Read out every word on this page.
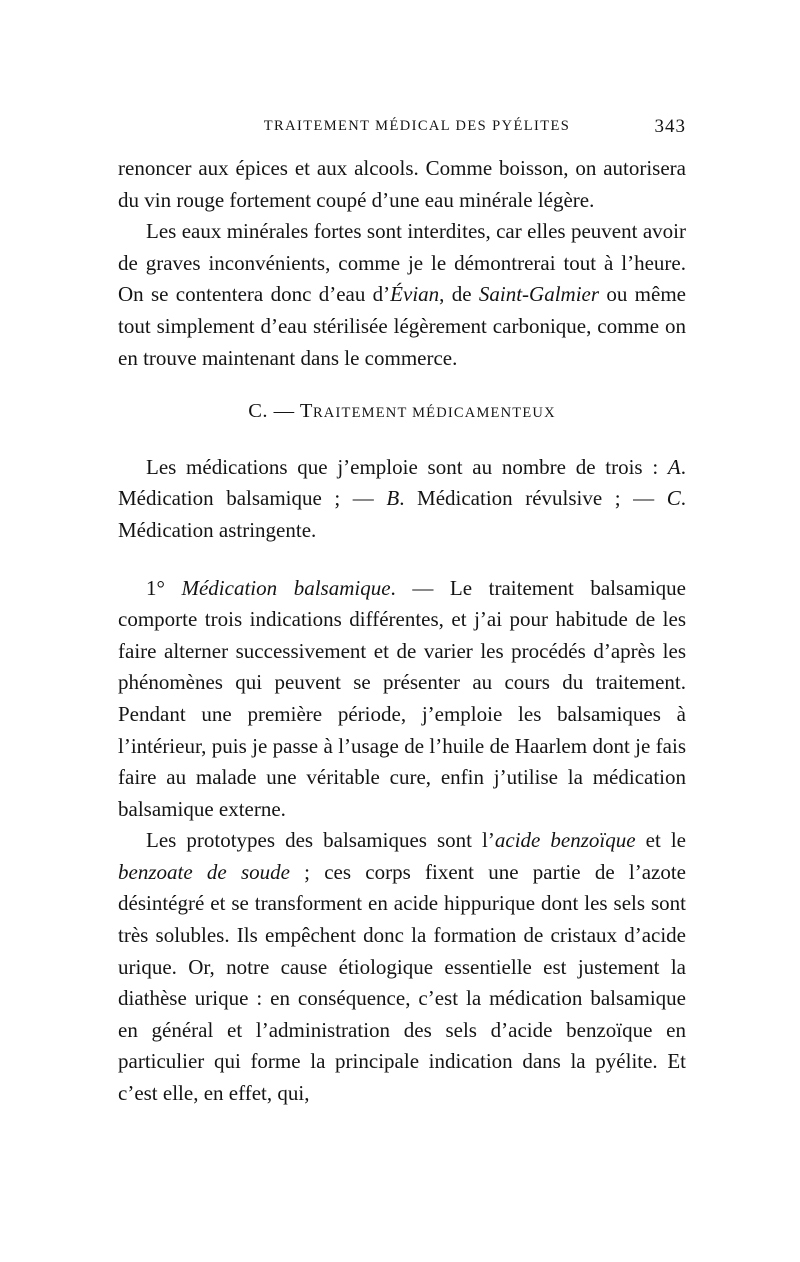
TRAITEMENT MÉDICAL DES PYÉLITES	343

renoncer aux épices et aux alcools. Comme boisson, on autorisera du vin rouge fortement coupé d’une eau minérale légère.

Les eaux minérales fortes sont interdites, car elles peuvent avoir de graves inconvénients, comme je le démontrerai tout à l’heure. On se contentera donc d’eau d’Évian, de Saint-Galmier ou même tout simplement d’eau stérilisée légèrement carbonique, comme on en trouve maintenant dans le commerce.

C. — TRAITEMENT MÉDICAMENTEUX

Les médications que j’emploie sont au nombre de trois : A. Médication balsamique ; — B. Médication révulsive ; — C. Médication astringente.

1° Médication balsamique. — Le traitement balsamique comporte trois indications différentes, et j’ai pour habitude de les faire alterner successivement et de varier les procédés d’après les phénomènes qui peuvent se présenter au cours du traitement. Pendant une première période, j’emploie les balsamiques à l’intérieur, puis je passe à l’usage de l’huile de Haarlem dont je fais faire au malade une véritable cure, enfin j’utilise la médication balsamique externe.

Les prototypes des balsamiques sont l’acide benzoïque et le benzoate de soude ; ces corps fixent une partie de l’azote désintégré et se transforment en acide hippurique dont les sels sont très solubles. Ils empêchent donc la formation de cristaux d’acide urique. Or, notre cause étiologique essentielle est justement la diathèse urique : en conséquence, c’est la médication balsamique en général et l’administration des sels d’acide benzoïque en particulier qui forme la principale indication dans la pyélite. Et c’est elle, en effet, qui,
